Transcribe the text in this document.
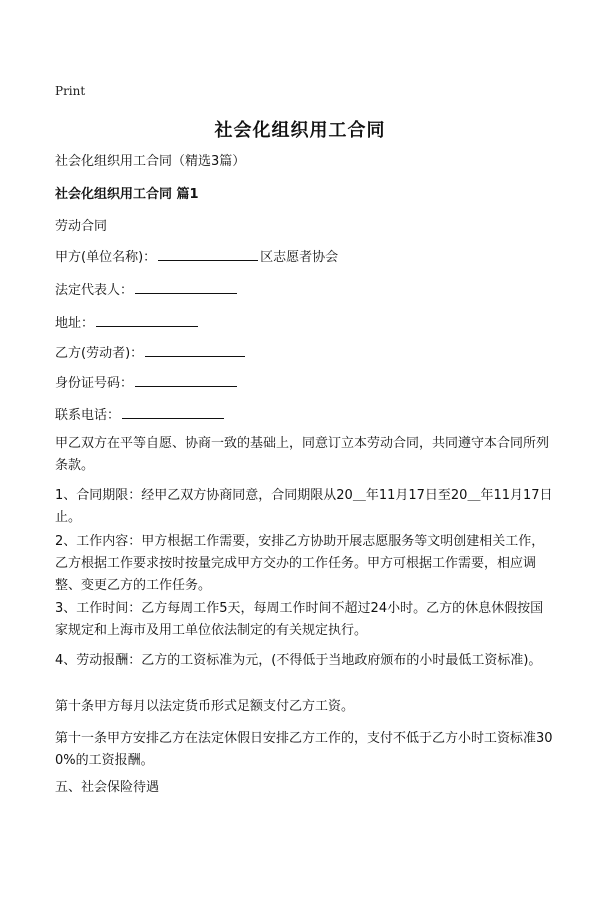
Print
社会化组织用工合同
社会化组织用工合同（精选3篇）
社会化组织用工合同 篇1
劳动合同
甲方(单位名称)：	区志愿者协会
法定代表人：
地址：
乙方(劳动者)：
身份证号码：
联系电话：
甲乙双方在平等自愿、协商一致的基础上，同意订立本劳动合同，共同遵守本合同所列条款。
1、合同期限：经甲乙双方协商同意，合同期限从20＿年11月17日至20＿年11月17日止。
2、工作内容：甲方根据工作需要，安排乙方协助开展志愿服务等文明创建相关工作，乙方根据工作要求按时按量完成甲方交办的工作任务。甲方可根据工作需要，相应调整、变更乙方的工作任务。
3、工作时间：乙方每周工作5天，每周工作时间不超过24小时。乙方的休息休假按国家规定和上海市及用工单位依法制定的有关规定执行。
4、劳动报酬：乙方的工资标准为元，(不得低于当地政府颁布的小时最低工资标准)。
第十条甲方每月以法定货币形式足额支付乙方工资。
第十一条甲方安排乙方在法定休假日安排乙方工作的，支付不低于乙方小时工资标准300%的工资报酬。
五、社会保险待遇
